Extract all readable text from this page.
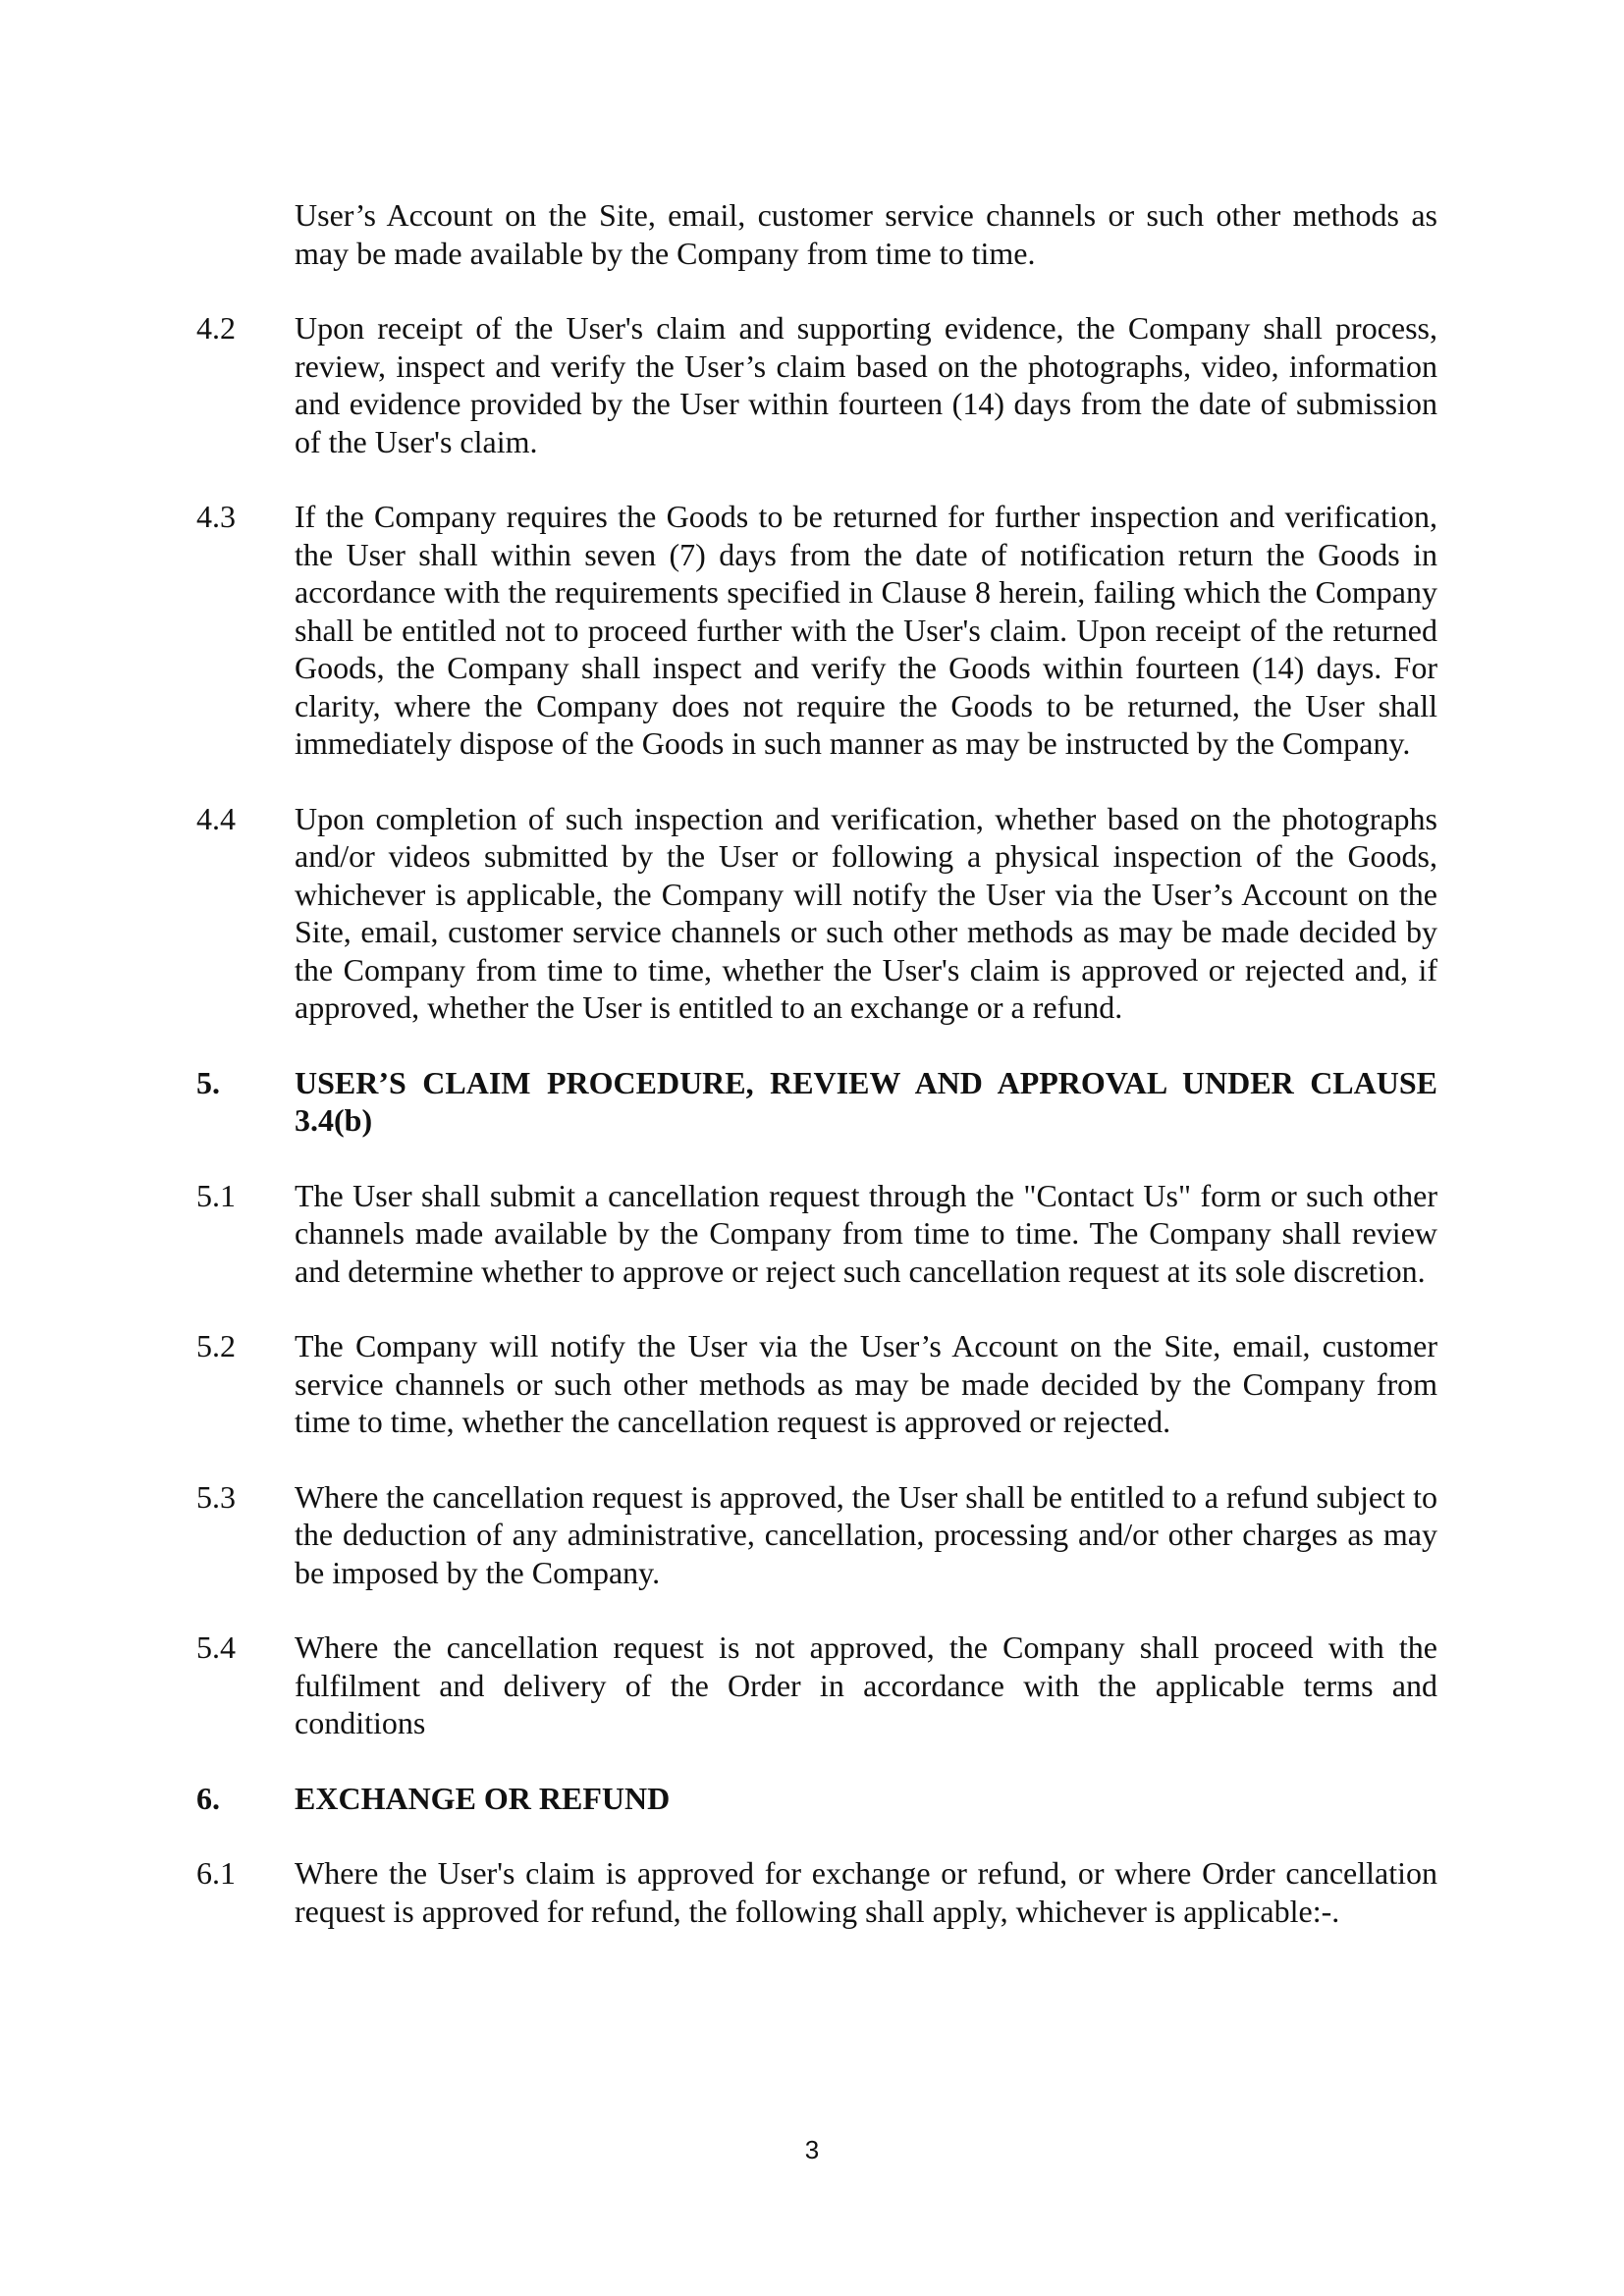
User’s Account on the Site, email, customer service channels or such other methods as may be made available by the Company from time to time.
4.2	Upon receipt of the User's claim and supporting evidence, the Company shall process, review, inspect and verify the User’s claim based on the photographs, video, information and evidence provided by the User within fourteen (14) days from the date of submission of the User's claim.
4.3	If the Company requires the Goods to be returned for further inspection and verification, the User shall within seven (7) days from the date of notification return the Goods in accordance with the requirements specified in Clause 8 herein, failing which the Company shall be entitled not to proceed further with the User's claim. Upon receipt of the returned Goods, the Company shall inspect and verify the Goods within fourteen (14) days. For clarity, where the Company does not require the Goods to be returned, the User shall immediately dispose of the Goods in such manner as may be instructed by the Company.
4.4	Upon completion of such inspection and verification, whether based on the photographs and/or videos submitted by the User or following a physical inspection of the Goods, whichever is applicable, the Company will notify the User via the User’s Account on the Site, email, customer service channels or such other methods as may be made decided by the Company from time to time, whether the User's claim is approved or rejected and, if approved, whether the User is entitled to an exchange or a refund.
5.	USER’S CLAIM PROCEDURE, REVIEW AND APPROVAL UNDER CLAUSE 3.4(b)
5.1	The User shall submit a cancellation request through the "Contact Us" form or such other channels made available by the Company from time to time. The Company shall review and determine whether to approve or reject such cancellation request at its sole discretion.
5.2	The Company will notify the User via the User’s Account on the Site, email, customer service channels or such other methods as may be made decided by the Company from time to time, whether the cancellation request is approved or rejected.
5.3	Where the cancellation request is approved, the User shall be entitled to a refund subject to the deduction of any administrative, cancellation, processing and/or other charges as may be imposed by the Company.
5.4	Where the cancellation request is not approved, the Company shall proceed with the fulfilment and delivery of the Order in accordance with the applicable terms and conditions
6.	EXCHANGE OR REFUND
6.1	Where the User's claim is approved for exchange or refund, or where Order cancellation request is approved for refund, the following shall apply, whichever is applicable:-.
3
